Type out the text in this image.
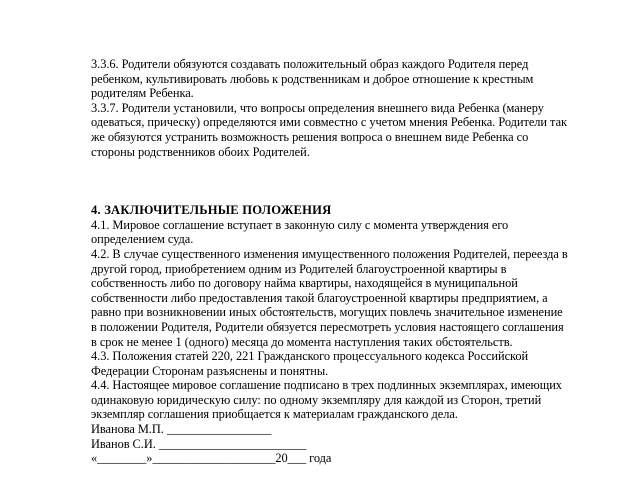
3.3.6. Родители обязуются создавать положительный образ каждого Родителя перед
ребенком, культивировать любовь к родственникам и доброе отношение к крестным
родителям Ребенка.

3.3.7. Родители установили, что вопросы определения внешнего вида Ребенка (манеру
одеваться, прическу) определяются ими совместно с учетом мнения Ребенка. Родители так
же обязуются устранить возможность решения вопроса о внешнем виде Ребенка со
стороны родственников обоих Родителей.

4. ЗАКЛЮЧИТЕЛЬНЫЕ ПОЛОЖЕНИЯ

4.1. Мировое соглашение вступает в законную силу с момента утверждения его
определением суда.

4.2. В случае существенного изменения имущественного положения Родителей, переезда в
другой город, приобретением одним из Родителей благоустроенной квартиры в
собственность либо по договору найма квартиры, находящейся в муниципальной
собственности либо предоставления такой благоустроенной квартиры предприятием, а
равно при возникновении иных обстоятельств, могущих повлечь значительное изменение
в положении Родителя, Родители обязуется пересмотреть условия настоящего соглашения
в срок не менее 1 (одного) месяца до момента наступления таких обстоятельств.

4.3. Положения статей 220, 221 Гражданского процессуального кодекса Российской
Федерации Сторонам разъяснены и понятны.

4.4. Настоящее мировое соглашение подписано в трех подлинных экземплярах, имеющих
одинаковую юридическую силу: по одному экземпляру для каждой из Сторон, третий
экземпляр соглашения приобщается к материалам гражданского дела.

Иванова М.П. _________________

Иванов С.И. ________________________

«________»____________________20___ года
